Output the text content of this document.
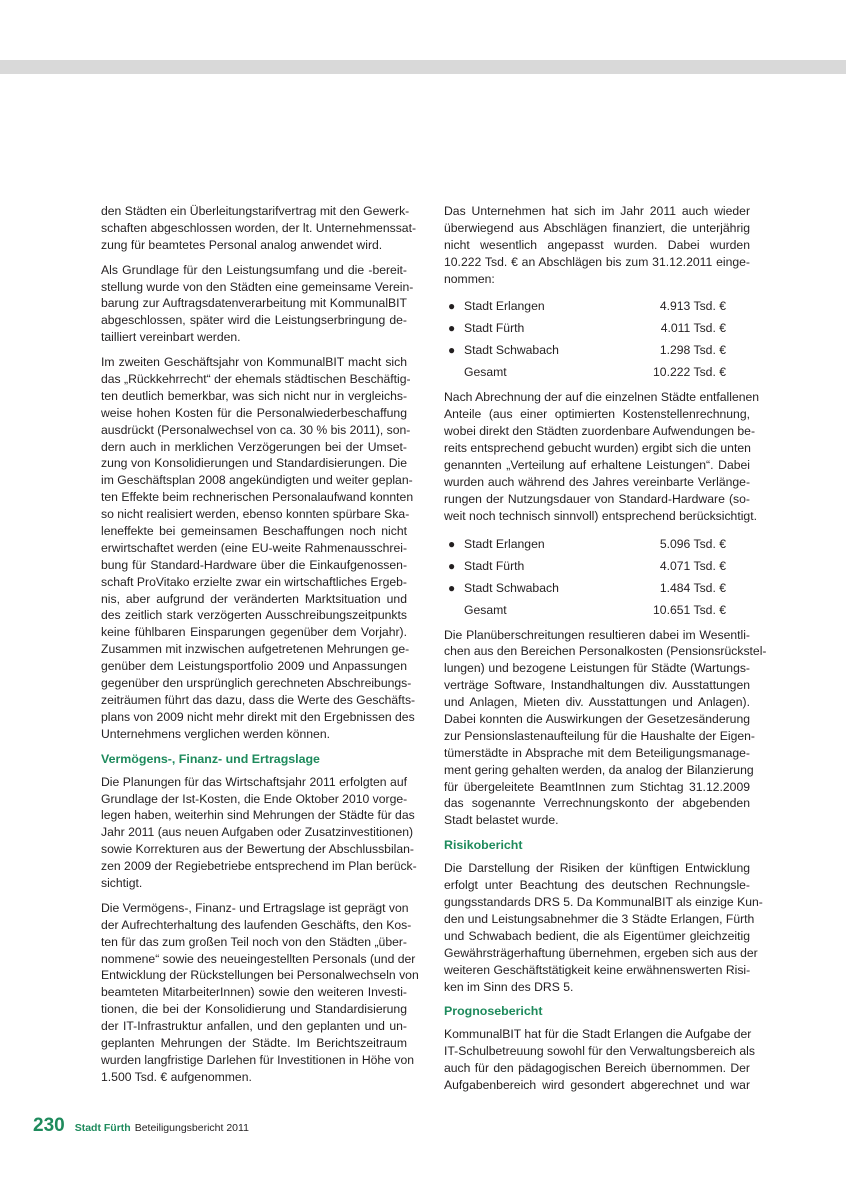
den Städten ein Überleitungstarifvertrag mit den Gewerk-
schaften abgeschlossen worden, der lt. Unternehmenssat-
zung für beamtetes Personal analog anwendet wird.
Als Grundlage für den Leistungsumfang und die -bereit-
stellung wurde von den Städten eine gemeinsame Verein-
barung zur Auftragsdatenverarbeitung mit KommunalBIT
abgeschlossen, später wird die Leistungserbringung de-
tailliert vereinbart werden.
Im zweiten Geschäftsjahr von KommunalBIT macht sich
das „Rückkehrrecht“ der ehemals städtischen Beschäftig-
ten deutlich bemerkbar, was sich nicht nur in vergleichs-
weise hohen Kosten für die Personalwiederbeschaffung
ausdrückt (Personalwechsel von ca. 30 % bis 2011), son-
dern auch in merklichen Verzögerungen bei der Umset-
zung von Konsolidierungen und Standardisierungen. Die
im Geschäftsplan 2008 angekündigten und weiter geplan-
ten Effekte beim rechnerischen Personalaufwand konnten
so nicht realisiert werden, ebenso konnten spürbare Ska-
leneffekte bei gemeinsamen Beschaffungen noch nicht
erwirtschaftet werden (eine EU-weite Rahmenausschrei-
bung für Standard-Hardware über die Einkaufgenossen-
schaft ProVitako erzielte zwar ein wirtschaftliches Ergeb-
nis, aber aufgrund der veränderten Marktsituation und
des zeitlich stark verzögerten Ausschreibungszeitpunkts
keine fühlbaren Einsparungen gegenüber dem Vorjahr).
Zusammen mit inzwischen aufgetretenen Mehrungen ge-
genüber dem Leistungsportfolio 2009 und Anpassungen
gegenüber den ursprünglich gerechneten Abschreibungs-
zeiträumen führt das dazu, dass die Werte des Geschäfts-
plans von 2009 nicht mehr direkt mit den Ergebnissen des
Unternehmens verglichen werden können.
Vermögens-, Finanz- und Ertragslage
Die Planungen für das Wirtschaftsjahr 2011 erfolgten auf
Grundlage der Ist-Kosten, die Ende Oktober 2010 vorge-
legen haben, weiterhin sind Mehrungen der Städte für das
Jahr 2011 (aus neuen Aufgaben oder Zusatzinvestitionen)
sowie Korrekturen aus der Bewertung der Abschlussbilan-
zen 2009 der Regiebetriebe entsprechend im Plan berück-
sichtigt.
Die Vermögens-, Finanz- und Ertragslage ist geprägt von
der Aufrechterhaltung des laufenden Geschäfts, den Kos-
ten für das zum großen Teil noch von den Städten „über-
nommene“ sowie des neueingestellten Personals (und der
Entwicklung der Rückstellungen bei Personalwechseln von
beamteten MitarbeiterInnen) sowie den weiteren Investi-
tionen, die bei der Konsolidierung und Standardisierung
der IT-Infrastruktur anfallen, und den geplanten und un-
geplanten Mehrungen der Städte. Im Berichtszeitraum
wurden langfristige Darlehen für Investitionen in Höhe von
1.500 Tsd. € aufgenommen.
Das Unternehmen hat sich im Jahr 2011 auch wieder
überwiegend aus Abschlägen finanziert, die unterjährig
nicht wesentlich angepasst wurden. Dabei wurden
10.222 Tsd. € an Abschlägen bis zum 31.12.2011 einge-
nommen:
● Stadt Erlangen	4.913 Tsd. €
● Stadt Fürth	4.011 Tsd. €
● Stadt Schwabach	1.298 Tsd. €
Gesamt	10.222 Tsd. €
Nach Abrechnung der auf die einzelnen Städte entfallenen
Anteile (aus einer optimierten Kostenstellenrechnung,
wobei direkt den Städten zuordenbare Aufwendungen be-
reits entsprechend gebucht wurden) ergibt sich die unten
genannten „Verteilung auf erhaltene Leistungen“. Dabei
wurden auch während des Jahres vereinbarte Verlänge-
rungen der Nutzungsdauer von Standard-Hardware (so-
weit noch technisch sinnvoll) entsprechend berücksichtigt.
● Stadt Erlangen	5.096 Tsd. €
● Stadt Fürth	4.071 Tsd. €
● Stadt Schwabach	1.484 Tsd. €
Gesamt	10.651 Tsd. €
Die Planüberschreitungen resultieren dabei im Wesentli-
chen aus den Bereichen Personalkosten (Pensionsrückstel-
lungen) und bezogene Leistungen für Städte (Wartungs-
verträge Software, Instandhaltungen div. Ausstattungen
und Anlagen, Mieten div. Ausstattungen und Anlagen).
Dabei konnten die Auswirkungen der Gesetzesänderung
zur Pensionslastenaufteilung für die Haushalte der Eigen-
tümerstädte in Absprache mit dem Beteiligungsmanage-
ment gering gehalten werden, da analog der Bilanzierung
für übergeleitete BeamtInnen zum Stichtag 31.12.2009
das sogenannte Verrechnungskonto der abgebenden
Stadt belastet wurde.
Risikobericht
Die Darstellung der Risiken der künftigen Entwicklung
erfolgt unter Beachtung des deutschen Rechnungsle-
gungsstandards DRS 5. Da KommunalBIT als einzige Kun-
den und Leistungsabnehmer die 3 Städte Erlangen, Fürth
und Schwabach bedient, die als Eigentümer gleichzeitig
Gewährsträgerhaftung übernehmen, ergeben sich aus der
weiteren Geschäftstätigkeit keine erwähnenswerten Risi-
ken im Sinn des DRS 5.
Prognosebericht
KommunalBIT hat für die Stadt Erlangen die Aufgabe der
IT-Schulbetreuung sowohl für den Verwaltungsbereich als
auch für den pädagogischen Bereich übernommen. Der
Aufgabenbereich wird gesondert abgerechnet und war
230 Stadt Fürth Beteiligungsbericht 2011
